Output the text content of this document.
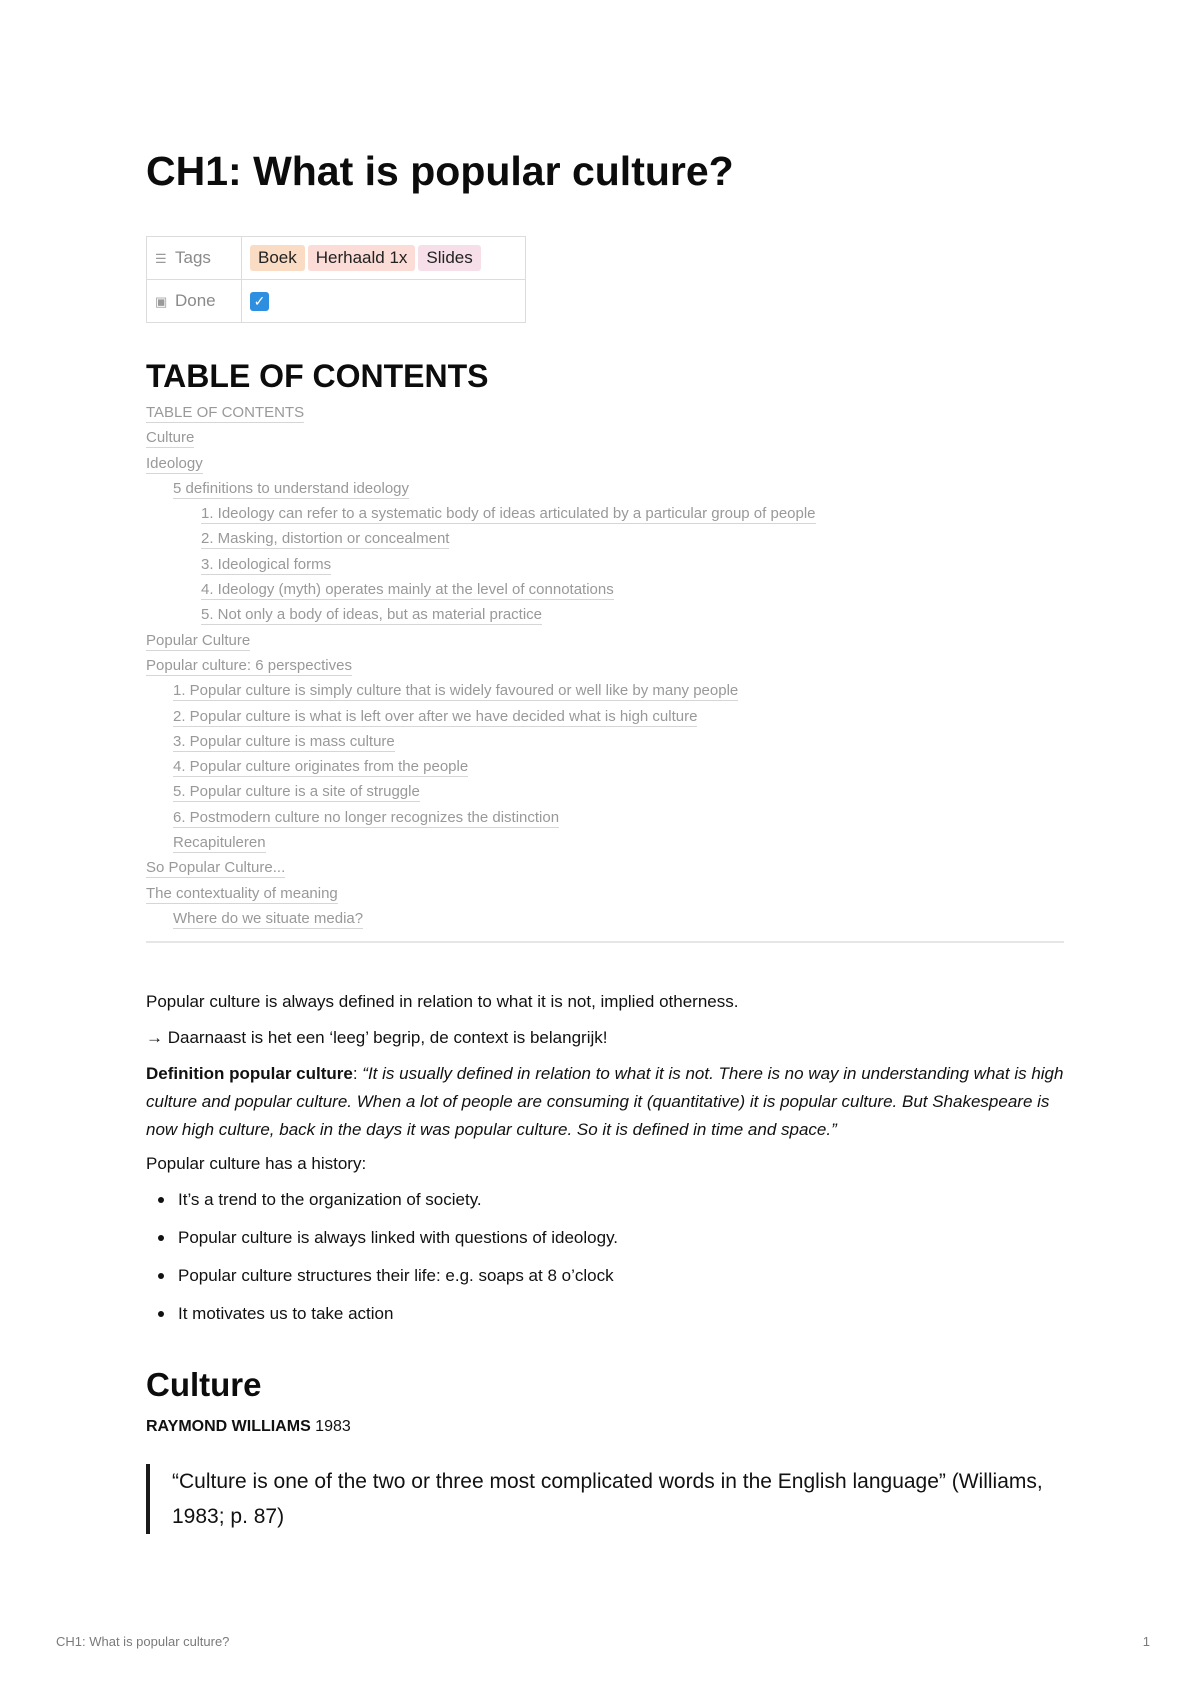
CH1: What is popular culture?
☰ Tags	Boek Herhaald 1x Slides
▣ Done	✓
TABLE OF CONTENTS
TABLE OF CONTENTS
Culture
Ideology
5 definitions to understand ideology
1. Ideology can refer to a systematic body of ideas articulated by a particular group of people
2. Masking, distortion or concealment
3. Ideological forms
4. Ideology (myth) operates mainly at the level of connotations
5. Not only a body of ideas, but as material practice
Popular Culture
Popular culture: 6 perspectives
1. Popular culture is simply culture that is widely favoured or well like by many people
2. Popular culture is what is left over after we have decided what is high culture
3. Popular culture is mass culture
4. Popular culture originates from the people
5. Popular culture is a site of struggle
6. Postmodern culture no longer recognizes the distinction
Recapituleren
So Popular Culture...
The contextuality of meaning
Where do we situate media?

Popular culture is always defined in relation to what it is not, implied otherness.

→ Daarnaast is het een ‘leeg’ begrip, de context is belangrijk!

Definition popular culture: “It is usually defined in relation to what it is not. There is no way in understanding what is high culture and popular culture. When a lot of people are consuming it (quantitative) it is popular culture. But Shakespeare is now high culture, back in the days it was popular culture. So it is defined in time and space.”

Popular culture has a history:

It’s a trend to the organization of society.
Popular culture is always linked with questions of ideology.
Popular culture structures their life: e.g. soaps at 8 o’clock
It motivates us to take action
Culture

RAYMOND WILLIAMS 1983

“Culture is one of the two or three most complicated words in the English language” (Williams, 1983; p. 87)
CH1: What is popular culture?	1
